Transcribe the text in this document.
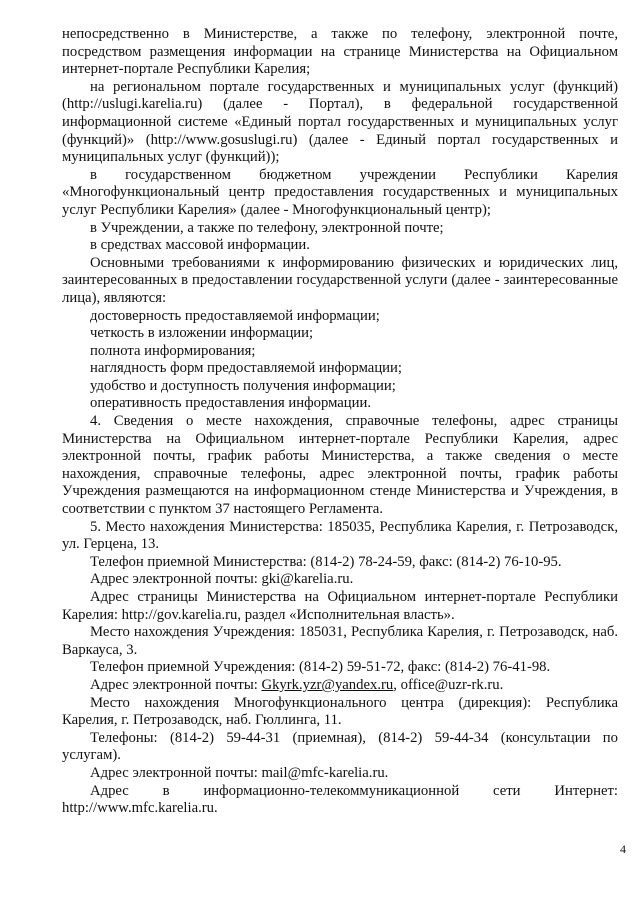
непосредственно в Министерстве, а также по телефону, электронной почте, посредством размещения информации на странице Министерства на Официальном интернет-портале Республики Карелия;

на региональном портале государственных и муниципальных услуг (функций) (http://uslugi.karelia.ru) (далее - Портал), в федеральной государственной информационной системе «Единый портал государственных и муниципальных услуг (функций)» (http://www.gosuslugi.ru) (далее - Единый портал государственных и муниципальных услуг (функций));

в государственном бюджетном учреждении Республики Карелия «Многофункциональный центр предоставления государственных и муниципальных услуг Республики Карелия» (далее - Многофункциональный центр);

в Учреждении, а также по телефону, электронной почте;

в средствах массовой информации.

Основными требованиями к информированию физических и юридических лиц, заинтересованных в предоставлении государственной услуги (далее - заинтересованные лица), являются:

достоверность предоставляемой информации;

четкость в изложении информации;

полнота информирования;

наглядность форм предоставляемой информации;

удобство и доступность получения информации;

оперативность предоставления информации.

4. Сведения о месте нахождения, справочные телефоны, адрес страницы Министерства на Официальном интернет-портале Республики Карелия, адрес электронной почты, график работы Министерства, а также сведения о месте нахождения, справочные телефоны, адрес электронной почты, график работы Учреждения размещаются на информационном стенде Министерства и Учреждения, в соответствии с пунктом 37 настоящего Регламента.

5. Место нахождения Министерства: 185035, Республика Карелия, г. Петрозаводск, ул. Герцена, 13.

Телефон приемной Министерства: (814-2) 78-24-59, факс: (814-2) 76-10-95.

Адрес электронной почты: gki@karelia.ru.

Адрес страницы Министерства на Официальном интернет-портале Республики Карелия: http://gov.karelia.ru, раздел «Исполнительная власть».

Место нахождения Учреждения: 185031, Республика Карелия, г. Петрозаводск, наб. Варкауса, 3.

Телефон приемной Учреждения: (814-2) 59-51-72, факс: (814-2) 76-41-98.

Адрес электронной почты: Gkyrk.yzr@yandex.ru, office@uzr-rk.ru.

Место нахождения Многофункционального центра (дирекция): Республика Карелия, г. Петрозаводск, наб. Гюллинга, 11.

Телефоны: (814-2) 59-44-31 (приемная), (814-2) 59-44-34 (консультации по услугам).

Адрес электронной почты: mail@mfc-karelia.ru.

Адрес в информационно-телекоммуникационной сети Интернет: http://www.mfc.karelia.ru.

4
